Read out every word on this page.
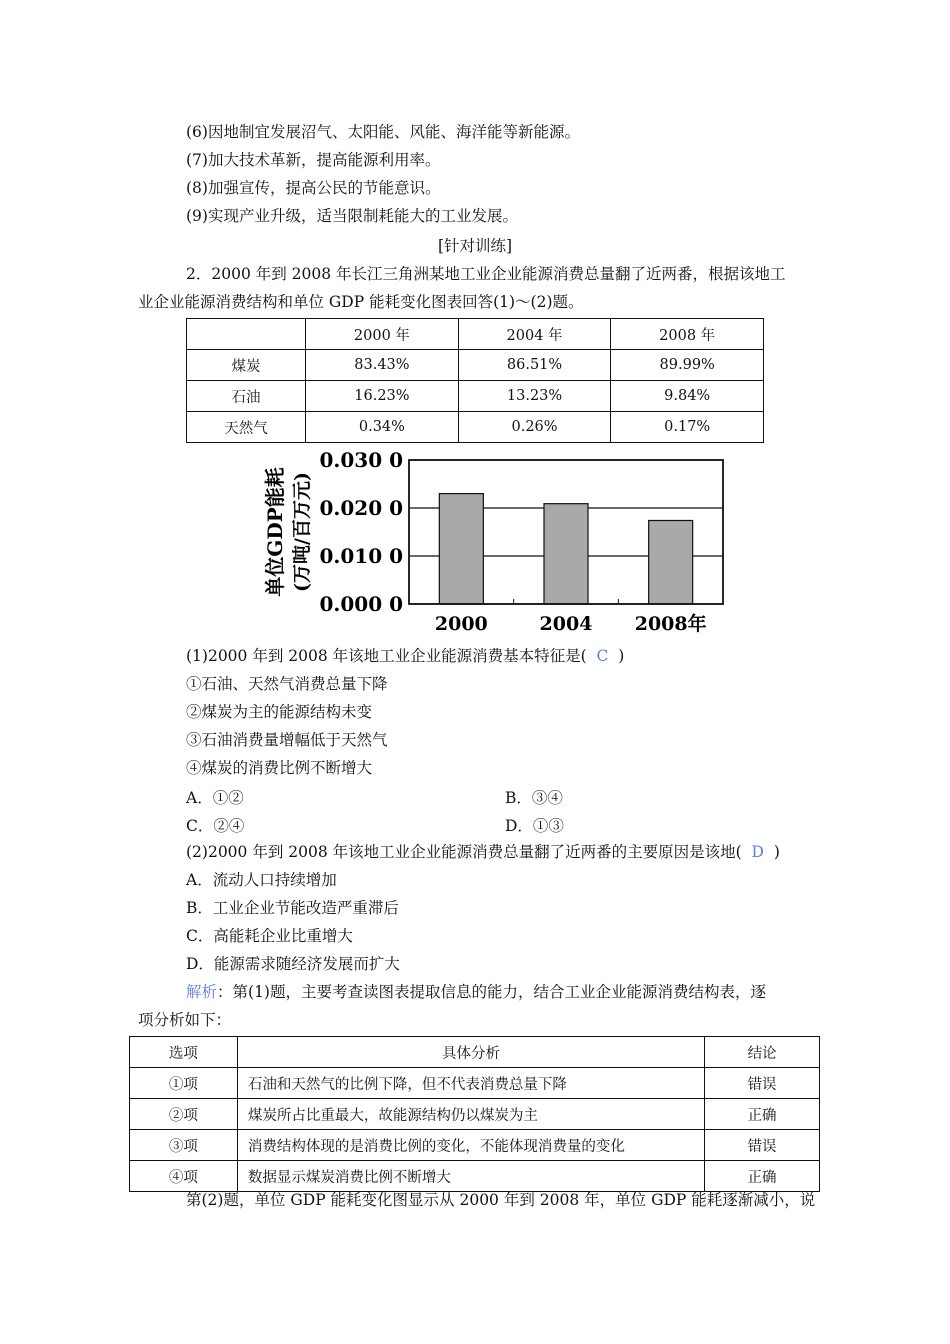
(6)因地制宜发展沼气、太阳能、风能、海洋能等新能源。
(7)加大技术革新，提高能源利用率。
(8)加强宣传，提高公民的节能意识。
(9)实现产业升级，适当限制耗能大的工业发展。
[针对训练]
2．2000 年到 2008 年长江三角洲某地工业企业能源消费总量翻了近两番，根据该地工
业企业能源消费结构和单位 GDP 能耗变化图表回答(1)～(2)题。
	2000 年	2004 年	2008 年
煤炭	83.43%	86.51%	89.99%
石油	16.23%	13.23%	9.84%
天然气	0.34%	0.26%	0.17%
0.000 0
0.010 0
0.020 0
0.030 0
2000	2004 2008年
单位GDP能耗 (万吨/百万元)
(1)2000 年到 2008 年该地工业企业能源消费基本特征是( C )
①石油、天然气消费总量下降
②煤炭为主的能源结构未变
③石油消费量增幅低于天然气
④煤炭的消费比例不断增大
A．①②	B．③④
C．②④	D．①③
(2)2000 年到 2008 年该地工业企业能源消费总量翻了近两番的主要原因是该地( D )
A．流动人口持续增加
B．工业企业节能改造严重滞后
C．高能耗企业比重增大
D．能源需求随经济发展而扩大
解析：第(1)题，主要考查读图表提取信息的能力，结合工业企业能源消费结构表，逐
项分析如下：
选项	具体分析	结论
①项	石油和天然气的比例下降，但不代表消费总量下降	错误
②项	煤炭所占比重最大，故能源结构仍以煤炭为主	正确
③项	消费结构体现的是消费比例的变化，不能体现消费量的变化	错误
④项	数据显示煤炭消费比例不断增大	正确
第(2)题，单位 GDP 能耗变化图显示从 2000 年到 2008 年，单位 GDP 能耗逐渐减小，说
